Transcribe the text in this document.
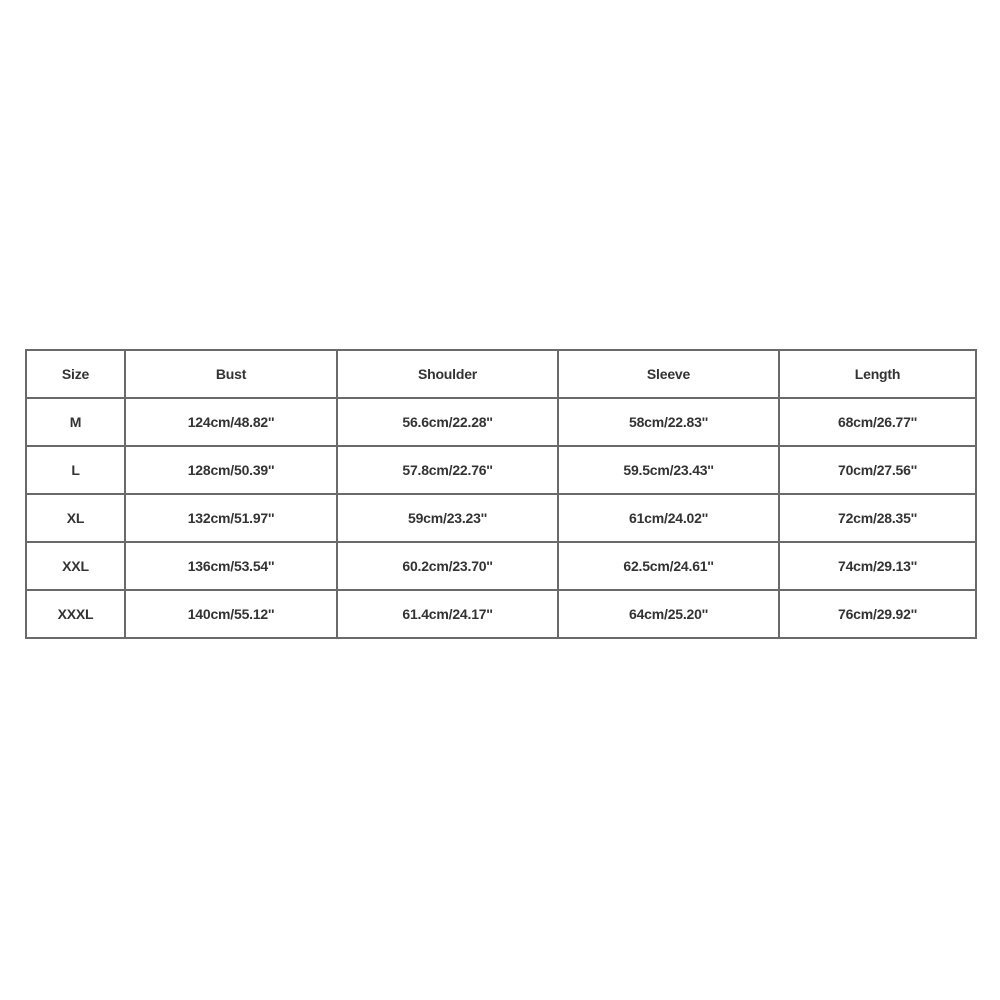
Size	Bust	Shoulder	Sleeve	Length
M	124cm/48.82''	56.6cm/22.28''	58cm/22.83''	68cm/26.77''
L	128cm/50.39''	57.8cm/22.76''	59.5cm/23.43''	70cm/27.56''
XL	132cm/51.97''	59cm/23.23''	61cm/24.02''	72cm/28.35''
XXL	136cm/53.54''	60.2cm/23.70''	62.5cm/24.61''	74cm/29.13''
XXXL	140cm/55.12''	61.4cm/24.17''	64cm/25.20''	76cm/29.92''
